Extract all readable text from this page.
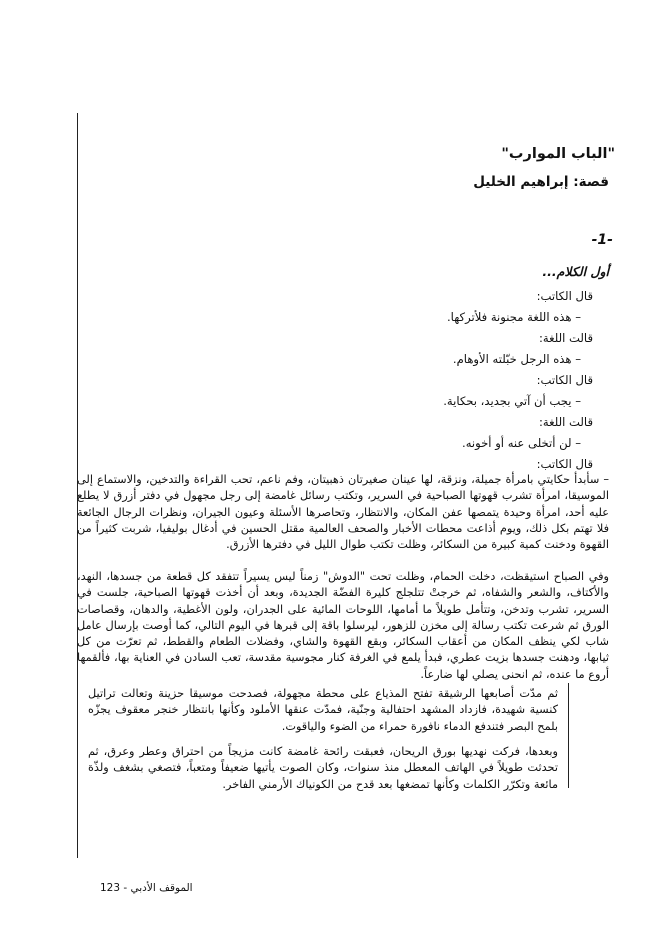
"الباب الموارب"
قصة: إبراهيم الخليل
-1-
أول الكلام...
قال الكاتب:
– هذه اللغة مجنونة فلأتركها.
قالت اللغة:
– هذه الرجل خبّلته الأوهام.
قال الكاتب:
– يجب أن آتي بجديد، بحكاية.
قالت اللغة:
– لن أتخلى عنه أو أخونه.
قال الكاتب:
– سأبدأ حكايتي بامرأة جميلة، ونزقة، لها عينان صغيرتان ذهبيتان، وفم ناعم، تحب القراءة والتدخين، والاستماع إلى الموسيقا، امرأة تشرب قهوتها الصباحية في السرير، وتكتب رسائل غامضة إلى رجل مجهول في دفتر أزرق لا يطلع عليه أحد، امرأة وحيدة يتمصها عفن المكان، والانتظار، وتحاصرها الأسئلة وعيون الجيران، ونظرات الرجال الجائعة فلا تهتم بكل ذلك، ويوم أذاعت محطات الأخبار والصحف العالمية مقتل الحسين في أدغال بوليفيا، شربت كثيراً من القهوة ودخنت كمية كبيرة من السكائر، وظلت تكتب طوال الليل في دفترها الأزرق.
وفي الصباح استيقظت، دخلت الحمام، وظلت تحت "الدوش" زمناً ليس يسيراً تتفقد كل قطعة من جسدها، النهد، والأكتاف، والشعر والشفاه، ثم خرجتْ تتلجلج كليرة الفضّة الجديدة، وبعد أن أخذت قهوتها الصباحية، جلست في السرير، تشرب وتدخن، وتتأمل طويلاً ما أمامها، اللوحات المائية على الجدران، ولون الأغطية، والدهان، وقصاصات الورق ثم شرعت تكتب رسالة إلى مخزن للزهور، ليرسلوا باقة إلى قبرها في اليوم التالي، كما أوصت بإرسال عامل شاب لكي ينظف المكان من أعقاب السكائر، وبقع القهوة والشاي، وفضلات الطعام والقطط، ثم تعرّت من كل ثيابها، ودهنت جسدها بزيت عطري، فبدأ يلمع في الغرفة كنار مجوسية مقدسة، تعب السادن في العناية بها، فألقمها أروع ما عنده، ثم انحنى يصلي لها ضارعاً.
ثم مدّت أصابعها الرشيقة تفتح المذياع على محطة مجهولة، فصدحت موسيقا حزينة وتعالت تراتيل كنسية شهيدة، فازداد المشهد احتفالية وجنّية، فمدّت عنقها الأملود وكأنها بانتظار خنجر معقوف يجزّه بلمح البصر فتندفع الدماء نافورة حمراء من الضوء والياقوت.
وبعدها، فركت نهديها بورق الريحان، فعبقت رائحة غامضة كانت مزيجاً من احتراق وعطر وعرق، ثم تحدثت طويلاً في الهاتف المعطل منذ سنوات، وكان الصوت يأتيها ضعيفاً ومتعباً، فتصغي بشغف ولذّة مائعة وتكرّر الكلمات وكأنها تمضغها بعد قدح من الكونياك الأرمني الفاخر.
الموقف الأدبي - 123
